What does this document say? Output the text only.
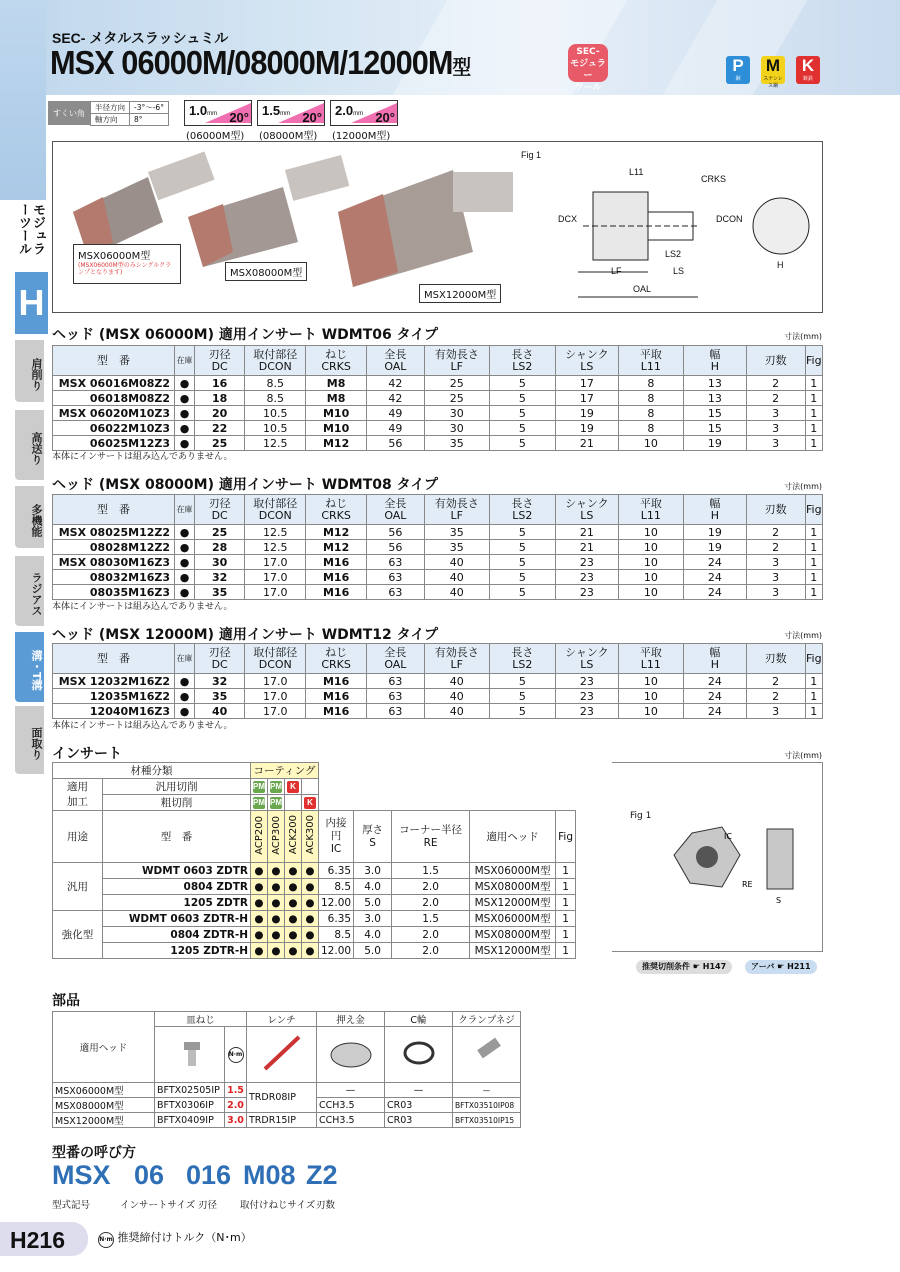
SEC- メタルスラッシュミル
MSX 06000M/08000M/12000M型
SEC-
モジュラー
ツール
P
鋼
M
ステンレス鋼
K
鋳鉄
モジュラーツール
H
肩削り
高送り
多機能
ラジアス
溝・T溝
面取り
すくい角
半径方向	-3°〜-6°
軸方向	8°
1.0mm 20° 1.5mm 20° 2.0mm 20°
(06000M型) (08000M型) (12000M型)
Fig 1
L11
CRKS
DCX	DCON
LS2
LF	LS
OAL
H
MSX06000M型
(MSX06000M型のみシングルクランプとなります)	MSX08000M型
MSX12000M型
ヘッド (MSX 06000M) 適用インサート WDMT06 タイプ	寸法(mm)
型　番	在庫	刃径
DC	取付部径
DCON	ねじ
CRKS	全長
OAL	有効長さ
LF	長さ
LS2	シャンク
LS	平取
L11	幅
H	刃数	Fig
MSX 06016M08Z2	●	16	8.5	M8	42	25	5	17	8	13	2	1
06018M08Z2	●	18	8.5	M8	42	25	5	17	8	13	2	1
MSX 06020M10Z3	●	20	10.5	M10	49	30	5	19	8	15	3	1
06022M10Z3	●	22	10.5	M10	49	30	5	19	8	15	3	1
06025M12Z3	●	25	12.5	M12	56	35	5	21	10	19	3	1
本体にインサートは組み込んでありません。
ヘッド (MSX 08000M) 適用インサート WDMT08 タイプ	寸法(mm)
型　番	在庫	刃径
DC	取付部径
DCON	ねじ
CRKS	全長
OAL	有効長さ
LF	長さ
LS2	シャンク
LS	平取
L11	幅
H	刃数	Fig
MSX 08025M12Z2	●	25	12.5	M12	56	35	5	21	10	19	2	1
08028M12Z2	●	28	12.5	M12	56	35	5	21	10	19	2	1
MSX 08030M16Z3	●	30	17.0	M16	63	40	5	23	10	24	3	1
08032M16Z3	●	32	17.0	M16	63	40	5	23	10	24	3	1
08035M16Z3	●	35	17.0	M16	63	40	5	23	10	24	3	1
本体にインサートは組み込んでありません。
ヘッド (MSX 12000M) 適用インサート WDMT12 タイプ	寸法(mm)
型　番	在庫	刃径
DC	取付部径
DCON	ねじ
CRKS	全長
OAL	有効長さ
LF	長さ
LS2	シャンク
LS	平取
L11	幅
H	刃数	Fig
MSX 12032M16Z2	●	32	17.0	M16	63	40	5	23	10	24	2	1
12035M16Z2	●	35	17.0	M16	63	40	5	23	10	24	2	1
12040M16Z3	●	40	17.0	M16	63	40	5	23	10	24	3	1
本体にインサートは組み込んでありません。
インサート	寸法(mm)
材種分類		コーティング								
適用
加工	汎用切削	PM	PM	K						
	粗切削	PM	PM		K					
用途	型　番	ACP200	ACP300	ACK200	ACK300	内接円
IC	厚さ
S	コーナー半径
RE	適用ヘッド	Fig
汎用	WDMT 0603 ZDTR	●	●	●	●	6.35	3.0	1.5	MSX06000M型	1
	0804 ZDTR	●	●	●	●	8.5	4.0	2.0	MSX08000M型	1
	1205 ZDTR	●	●	●	●	12.00	5.0	2.0	MSX12000M型	1
強化型	WDMT 0603 ZDTR-H	●	●	●	●	6.35	3.0	1.5	MSX06000M型	1
	0804 ZDTR-H	●	●	●	●	8.5	4.0	2.0	MSX08000M型	1
	1205 ZDTR-H	●	●	●	●	12.00	5.0	2.0	MSX12000M型	1
Fig 1
IC
RE
S
推奨切削条件 ☛ H147	アーバ ☛ H211
部品
適用ヘッド	皿ねじ		レンチ	押え金	C輪	クランプネジ
	N·m				
MSX06000M型	BFTX02505IP	1.5	TRDR08IP	—	—	—
MSX08000M型	BFTX0306IP	2.0		CCH3.5	CR03	BFTX03510IP08
MSX12000M型	BFTX0409IP	3.0	TRDR15IP	CCH3.5	CR03	BFTX03510IP15
型番の呼び方
MSX 06 016 M08 Z2
型式記号	インサートサイズ 刃径 取付けねじサイズ 刃数
H216	N·m 推奨締付けトルク（N･m）
